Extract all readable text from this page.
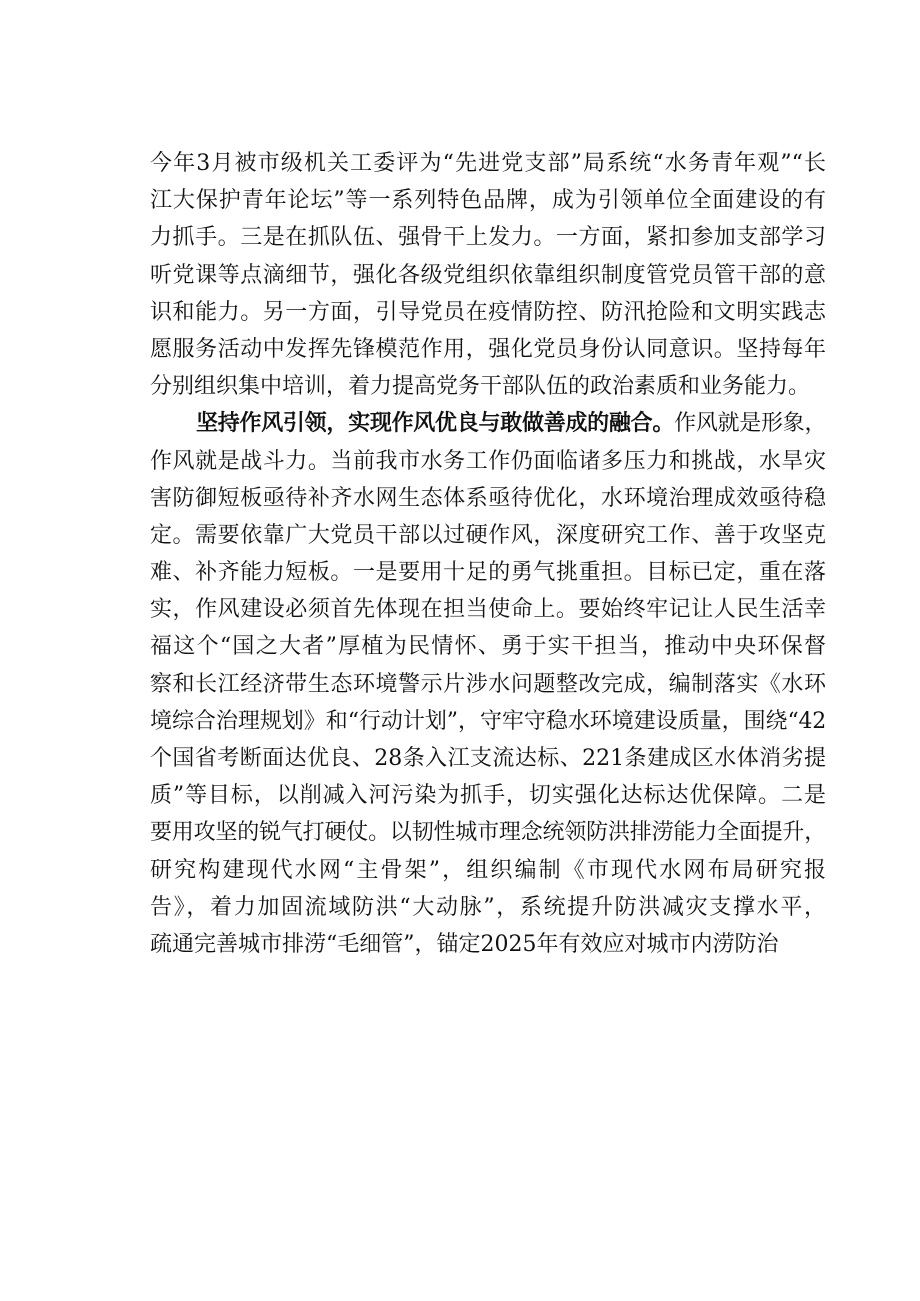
今年3月被市级机关工委评为“先进党支部”局系统“水务青年观”“长
江大保护青年论坛”等一系列特色品牌，成为引领单位全面建设的有
力抓手。三是在抓队伍、强骨干上发力。一方面，紧扣参加支部学习
听党课等点滴细节，强化各级党组织依靠组织制度管党员管干部的意
识和能力。另一方面，引导党员在疫情防控、防汛抢险和文明实践志
愿服务活动中发挥先锋模范作用，强化党员身份认同意识。坚持每年
分别组织集中培训，着力提高党务干部队伍的政治素质和业务能力。
坚持作风引领，实现作风优良与敢做善成的融合。作风就是形象，
作风就是战斗力。当前我市水务工作仍面临诸多压力和挑战，水旱灾
害防御短板亟待补齐水网生态体系亟待优化，水环境治理成效亟待稳
定。需要依靠广大党员干部以过硬作风，深度研究工作、善于攻坚克
难、补齐能力短板。一是要用十足的勇气挑重担。目标已定，重在落
实，作风建设必须首先体现在担当使命上。要始终牢记让人民生活幸
福这个“国之大者”厚植为民情怀、勇于实干担当，推动中央环保督
察和长江经济带生态环境警示片涉水问题整改完成，编制落实《水环
境综合治理规划》和“行动计划”，守牢守稳水环境建设质量，围绕“42
个国省考断面达优良、28条入江支流达标、221条建成区水体消劣提
质”等目标，以削减入河污染为抓手，切实强化达标达优保障。二是
要用攻坚的锐气打硬仗。以韧性城市理念统领防洪排涝能力全面提升，
研究构建现代水网“主骨架”，组织编制《市现代水网布局研究报
告》，着力加固流域防洪“大动脉”，系统提升防洪减灾支撑水平，
疏通完善城市排涝“毛细管”，锚定2025年有效应对城市内涝防治
